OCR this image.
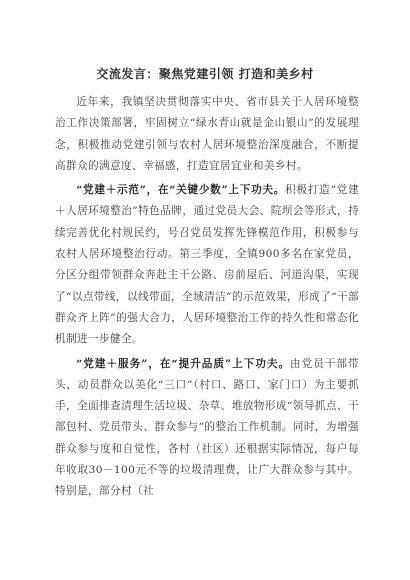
交流发言：聚焦党建引领 打造和美乡村

近年来，我镇坚决贯彻落实中央、省市县关于人居环境整治工作决策部署，牢固树立“绿水青山就是金山银山”的发展理念，积极推动党建引领与农村人居环境整治深度融合，不断提高群众的满意度、幸福感，打造宜居宜业和美乡村。

“党建＋示范”，在“关键少数”上下功夫。积极打造“党建＋人居环境整治”特色品牌，通过党员大会、院坝会等形式，持续完善优化村规民约，号召党员发挥先锋模范作用，积极参与农村人居环境整治行动。第三季度，全镇900多名在家党员，分区分组带领群众奔赴主干公路、房前屋后、河道沟渠，实现了“以点带线，以线带面，全域清洁”的示范效果，形成了“干部群众齐上阵”的强大合力，人居环境整治工作的持久性和常态化机制进一步健全。

“党建＋服务”，在“提升品质”上下功夫。由党员干部带头，动员群众以美化“三口”（村口、路口、家门口）为主要抓手，全面排查清理生活垃圾、杂草、堆放物形成“领导抓点、干部包村、党员带头、群众参与”的整治工作机制。同时，为增强群众参与度和自觉性，各村（社区）还根据实际情况，每户每年收取30－100元不等的垃圾清理费，让广大群众参与其中。特别是，部分村（社
